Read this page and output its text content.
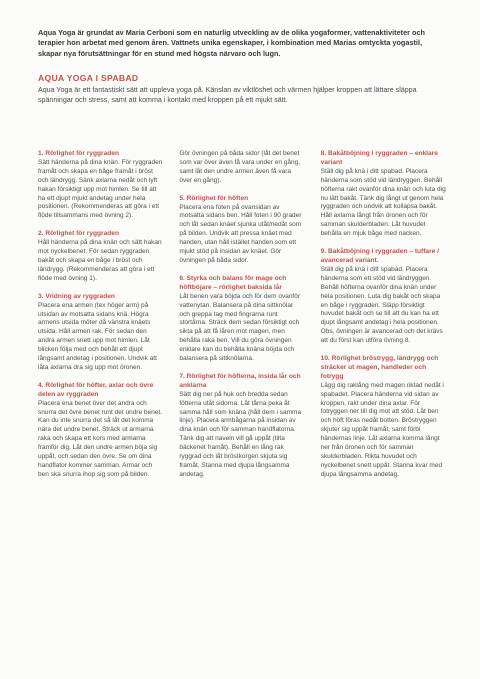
Aqua Yoga är grundat av Maria Cerboni som en naturlig utveckling av de olika yogaformer, vattenaktiviteter och terapier hon arbetat med genom åren. Vattnets unika egenskaper, i kombination med Marias omtyckta yogastil, skapar nya förutsättningar för en stund med högsta närvaro och lugn.

AQUA YOGA I SPABAD

Aqua Yoga är ett fantastiskt sätt att uppleva yoga på. Känslan av viktlöshet och värmen hjälper kroppen att lättare släppa spänningar och stress, samt att komma i kontakt med kroppen på ett mjukt sätt.

1. Rörlighet för ryggraden

Sätt händerna på dina knän. För ryggraden framåt och skapa en båge framåt i bröst och ländrygg. Sänk axlarna nedåt och lyft hakan försiktigt upp mot himlen. Se till att ha ett djupt mjukt andetag under hela positionen. (Rekommenderas att göra i ett flöde tillsammans med övning 2).

2. Rörlighet för ryggraden

Håll händerna på dina knän och sätt hakan mot nyckelbenet. För sedan ryggraden bakåt och skapa en båge i bröst och ländrygg. (Rekommenderas att göra i ett flöde med övning 1).

3. Vridning av ryggraden

Placera ena armen (tex höger arm) på utsidan av motsatta sidans knä. Högra armens utsida möter då vänstra knäets utsida. Håll armen rak. För sedan den andra armen snett upp mot himlen. Låt blicken följa med och behåll ett djupt långsamt andetag i positionen. Undvik att låta axlarna dra sig upp mot öronen.

4. Rörlighet för höfter, axlar och övre delen av ryggraden

Placera ena benet över det andra och snurra det övre benet runt det undre benet. Kan du inte snurra det så låt det komma nära det undre benet. Sträck ut armarna raka och skapa ett kors med armarna framför dig. Låt den undre armen böja sig uppåt, och sedan den övre. Se om dina handflator kommer samman. Armar och ben ska snurra ihop sig som på bilden.

Gör övningen på båda sidor (låt det benet som var över även få vara under en gång, samt låt den undre armen även få vara över en gång).

5. Rörlighet för höften

Placera ena foten på ovansidan av motsatta sidans ben. Håll foten i 90 grader och låt sedan knäet sjunka utåt/nedåt som på bilden. Undvik att pressa knäet med handen, utan håll istället handen som ett mjukt stöd på insidan av knäet. Gör övningen på båda sidor.

6. Styrka och balans för mage och höftböjare – rörlighet baksida lår

Låt benen vara böjda och för dem ovanför vattenytan. Balansera på dina sittknölar och greppa tag med fingrarna runt stortårna. Sträck dem sedan försiktigt och sikta på att få låren mot magen, men behålla raka ben. Vill du göra övningen enklare kan du behålla knäna böjda och balansera på sittknölarna.

7. Rörlighet för höfterna, insida lår och anklarna

Sätt dig ner på huk och bredda sedan fötterna utåt sidorna. Låt tårna peka åt samma håll som knäna (håll dem i samma linje). Placera armbågarna på insidan av dina knän och för samman handflatorna. Tänk dig att naveln vill gå uppåt (tilta bäckenet framåt). Behåll en lång rak ryggrad och låt bröstkorgen skjuta sig framåt. Stanna med djupa långsamma andetag.

8. Bakåtböjning i ryggraden – enklare variant

Ställ dig på knä i ditt spabad. Placera händerna som stöd vid ländryggen. Behåll höfterna rakt ovanför dina knän och luta dig nu lätt bakåt. Tänk dig långt ut genom hela ryggraden och undvik att kollapsa bakåt. Håll axlarna långt från öronen och för samman skulderbladen. Låt huvudet behålla en mjuk båge med nacken.

9. Bakåtböjning i ryggraden – tuffare / avancerad variant.

Ställ dig på knä i ditt spabad. Placera händerna som ett stöd vid ländryggen. Behåll höfterna ovanför dina knän under hela positionen. Luta dig bakåt och skapa en båge i ryggraden. Släpp försiktigt huvudet bakåt och se till att du kan ha ett djupt långsamt andetag i hela positionen. Obs, övningen är avancerad och det krävs att du först kan utföra övning 8.

10. Rörlighet bröstrygg, ländrygg och sträcker ut magen, handleder och fotrygg

Lägg dig raklång med magen riktad nedåt i spabadet. Placera händerna vid sidan av kroppen, rakt under dina axlar. För fotryggen ner till dig mot att stöd. Låt ben och höft föras nedåt botten. Bröstryggen skjuter sig uppåt framåt, samt förbi händernas linje. Låt axlarna komma långt ner från öronen och för samman skulderbladen. Rikta huvudet och nyckelbenet snett uppåt. Stanna kvar med djupa långsamma andetag.
